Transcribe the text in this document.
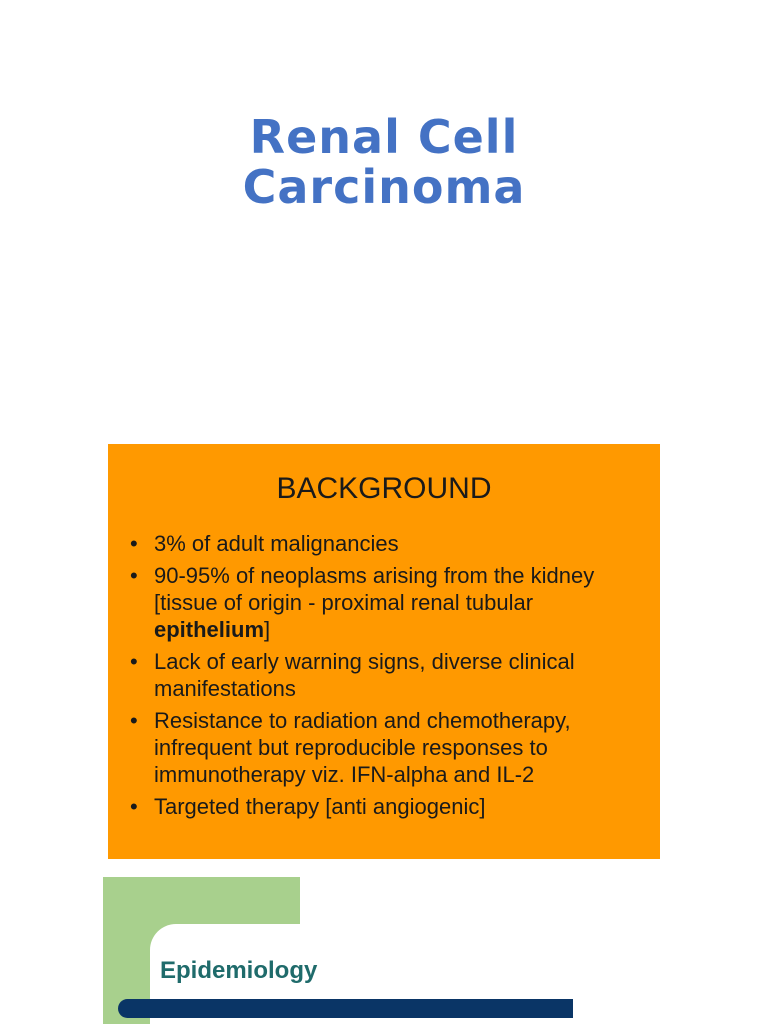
Renal Cell
Carcinoma
BACKGROUND
• 3% of adult malignancies
• 90-95% of neoplasms arising from the kidney [tissue of origin - proximal renal tubular epithelium]
• Lack of early warning signs, diverse clinical manifestations
• Resistance to radiation and chemotherapy, infrequent but reproducible responses to immunotherapy viz. IFN-alpha and IL-2
• Targeted therapy [anti angiogenic]
Epidemiology
